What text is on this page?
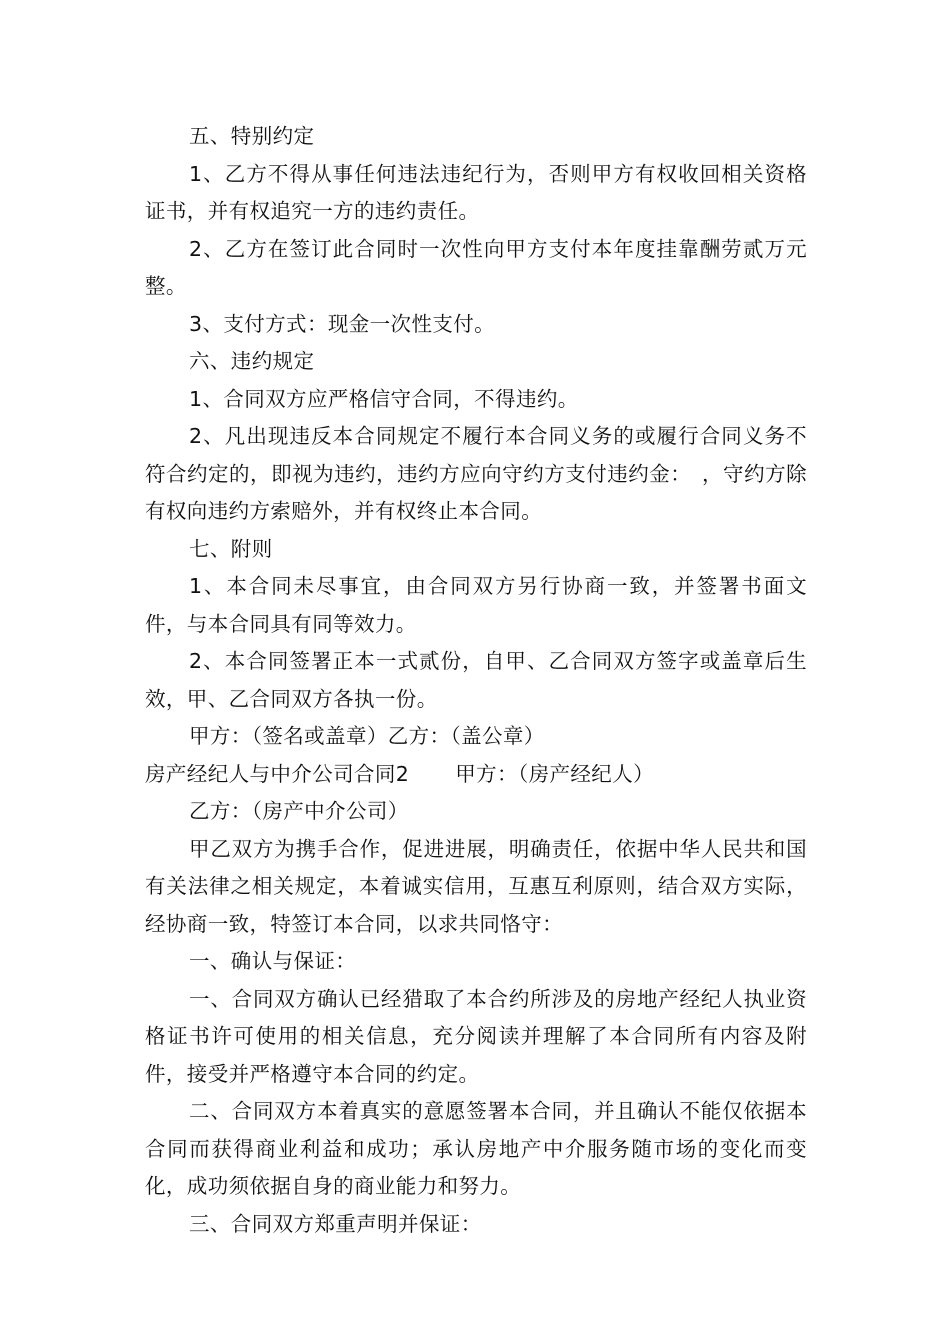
五、特别约定

1、乙方不得从事任何违法违纪行为，否则甲方有权收回相关资格证书，并有权追究一方的违约责任。

2、乙方在签订此合同时一次性向甲方支付本年度挂靠酬劳贰万元整。

3、支付方式：现金一次性支付。

六、违约规定

1、合同双方应严格信守合同，不得违约。

2、凡出现违反本合同规定不履行本合同义务的或履行合同义务不符合约定的，即视为违约，违约方应向守约方支付违约金：　，守约方除有权向违约方索赔外，并有权终止本合同。

七、附则

1、本合同未尽事宜，由合同双方另行协商一致，并签署书面文件，与本合同具有同等效力。

2、本合同签署正本一式贰份，自甲、乙合同双方签字或盖章后生效，甲、乙合同双方各执一份。

甲方：（签名或盖章）乙方：（盖公章）

房产经纪人与中介公司合同2 甲方：（房产经纪人）

乙方：（房产中介公司）

甲乙双方为携手合作，促进进展，明确责任，依据中华人民共和国有关法律之相关规定，本着诚实信用，互惠互利原则，结合双方实际，经协商一致，特签订本合同，以求共同恪守：

一、确认与保证：

一、合同双方确认已经猎取了本合约所涉及的房地产经纪人执业资格证书许可使用的相关信息，充分阅读并理解了本合同所有内容及附件，接受并严格遵守本合同的约定。

二、合同双方本着真实的意愿签署本合同，并且确认不能仅依据本合同而获得商业利益和成功；承认房地产中介服务随市场的变化而变化，成功须依据自身的商业能力和努力。

三、合同双方郑重声明并保证：
